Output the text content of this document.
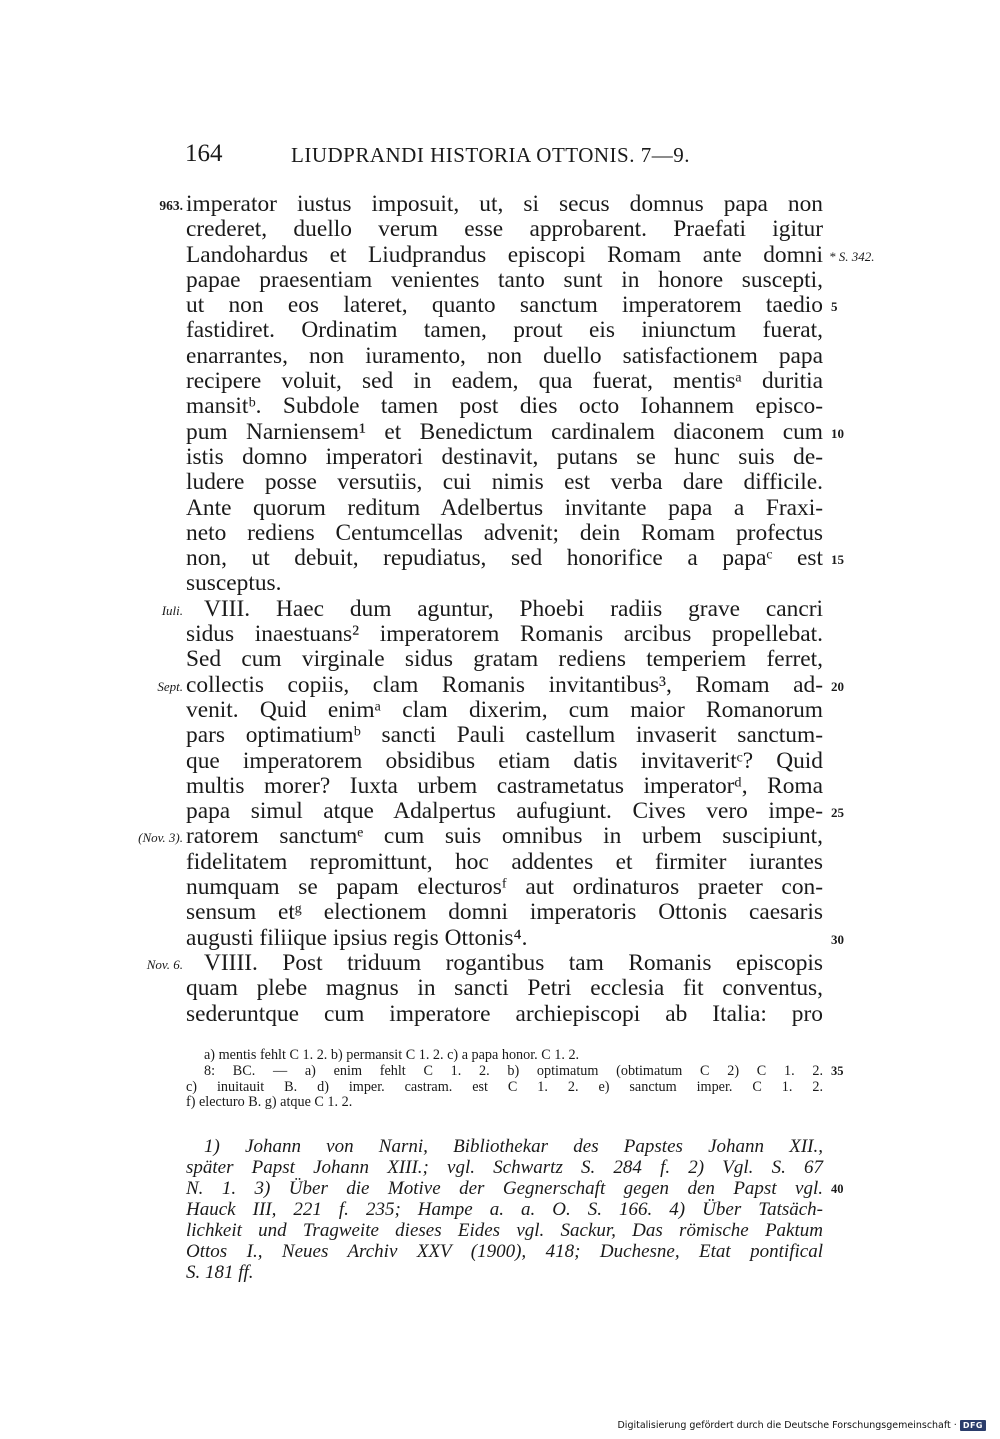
164	LIUDPRANDI HISTORIA OTTONIS. 7—9.
imperator iustus imposuit, ut, si secus domnus papa non
963.
crederet, duello verum esse approbarent. Praefati igitur
Landohardus et Liudprandus episcopi Romam ante domni * S. 342.
papae praesentiam venientes tanto sunt in honore suscepti,
ut non eos lateret, quanto sanctum imperatorem taedio 5
fastidiret. Ordinatim tamen, prout eis iniunctum fuerat,
enarrantes, non iuramento, non duello satisfactionem papa
recipere voluit, sed in eadem, qua fuerat, mentisᵃ duritia
mansitᵇ. Subdole tamen post dies octo Iohannem episco-
pum Narniensem¹ et Benedictum cardinalem diaconem cum 10
istis domno imperatori destinavit, putans se hunc suis de-
ludere posse versutiis, cui nimis est verba dare difficile.
Ante quorum reditum Adelbertus invitante papa a Fraxi-
neto rediens Centumcellas advenit; dein Romam profectus
non, ut debuit, repudiatus, sed honorifice a papaᶜ est 15
susceptus.
VIII. Haec dum aguntur, Phoebi radiis grave cancri
Iuli.
sidus inaestuans² imperatorem Romanis arcibus propellebat.
Sed cum virginale sidus gratam rediens temperiem ferret,
collectis copiis, clam Romanis invitantibus³, Romam ad-
Sept.	20
venit. Quid enimᵃ clam dixerim, cum maior Romanorum
pars optimatiumᵇ sancti Pauli castellum invaserit sanctum-
que imperatorem obsidibus etiam datis invitaveritᶜ? Quid
multis morer? Iuxta urbem castrametatus imperatorᵈ, Roma
papa simul atque Adalpertus aufugiunt. Cives vero impe- 25
ratorem sanctumᵉ cum suis omnibus in urbem suscipiunt,
(Nov. 3).
fidelitatem repromittunt, hoc addentes et firmiter iurantes
numquam se papam electurosᶠ aut ordinaturos praeter con-
sensum etᵍ electionem domni imperatoris Ottonis caesaris
augusti filiique ipsius regis Ottonis⁴.	30
VIIII. Post triduum rogantibus tam Romanis episcopis
Nov. 6.
quam plebe magnus in sancti Petri ecclesia fit conventus,
sederuntque cum imperatore archiepiscopi ab Italia: pro
a) mentis fehlt C 1. 2. b) permansit C 1. 2. c) a papa honor. C 1. 2.
8: BC. — a) enim fehlt C 1. 2. b) optimatum (obtimatum C 2) C 1. 2. 35
c) inuitauit B. d) imper. castram. est C 1. 2. e) sanctum imper. C 1. 2.
f) electuro B. g) atque C 1. 2.
1) Johann von Narni, Bibliothekar des Papstes Johann XII.,
später Papst Johann XIII.; vgl. Schwartz S. 284 f. 2) Vgl. S. 67
N. 1. 3) Über die Motive der Gegnerschaft gegen den Papst vgl. 40
Hauck III, 221 f. 235; Hampe a. a. O. S. 166. 4) Über Tatsäch-
lichkeit und Tragweite dieses Eides vgl. Sackur, Das römische Paktum
Ottos I., Neues Archiv XXV (1900), 418; Duchesne, Etat pontifical
S. 181 ff.
Digitalisierung gefördert durch die Deutsche Forschungsgemeinschaft · DFG
